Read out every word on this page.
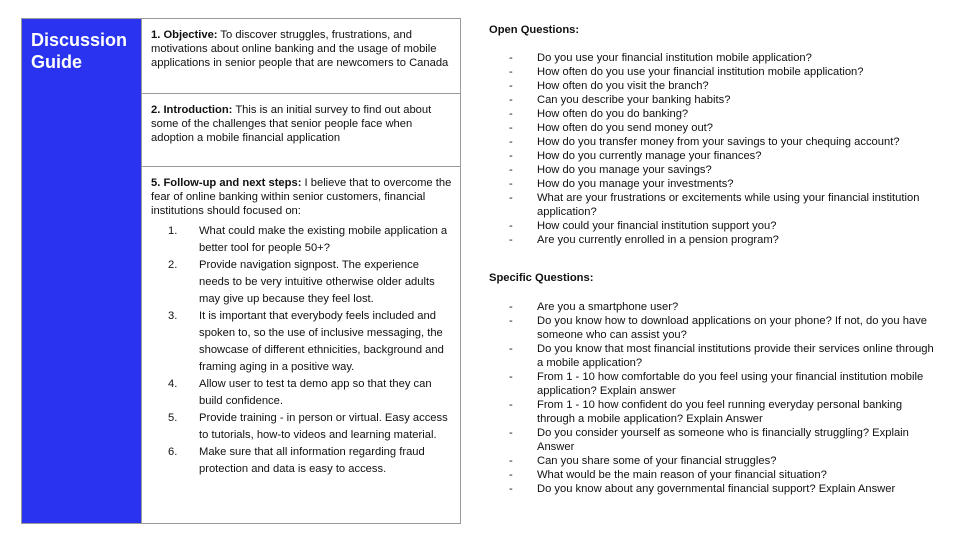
Discussion Guide
1. Objective: To discover struggles, frustrations, and motivations about online banking and the usage of mobile applications in senior people that are newcomers to Canada
2. Introduction: This is an initial survey to find out about some of the challenges that senior people face when adoption a mobile financial application
5. Follow-up and next steps: I believe that to overcome the fear of online banking within senior customers, financial institutions should focused on:
1. What could make the existing mobile application a better tool for people 50+?
2. Provide navigation signpost. The experience needs to be very intuitive otherwise older adults may give up because they feel lost.
3. It is important that everybody feels included and spoken to, so the use of inclusive messaging, the showcase of different ethnicities, background and framing aging in a positive way.
4. Allow user to test ta demo app so that they can build confidence.
5. Provide training - in person or virtual. Easy access to tutorials, how-to videos and learning material.
6. Make sure that all information regarding fraud protection and data is easy to access.
Open Questions:
- Do you use your financial institution mobile application?
- How often do you use your financial institution mobile application?
- How often do you visit the branch?
- Can you describe your banking habits?
- How often do you do banking?
- How often do you send money out?
- How do you transfer money from your savings to your chequing account?
- How do you currently manage your finances?
- How do you manage your savings?
- How do you manage your investments?
- What are your frustrations or excitements while using your financial institution application?
- How could your financial institution support you?
- Are you currently enrolled in a pension program?
Specific Questions:
- Are you a smartphone user?
- Do you know how to download applications on your phone? If not, do you have someone who can assist you?
- Do you know that most financial institutions provide their services online through a mobile application?
- From 1 - 10 how comfortable do you feel using your financial institution mobile application? Explain answer
- From 1 - 10 how confident do you feel running everyday personal banking through a mobile application? Explain Answer
- Do you consider yourself as someone who is financially struggling? Explain Answer
- Can you share some of your financial struggles?
- What would be the main reason of your financial situation?
- Do you know about any governmental financial support? Explain Answer
